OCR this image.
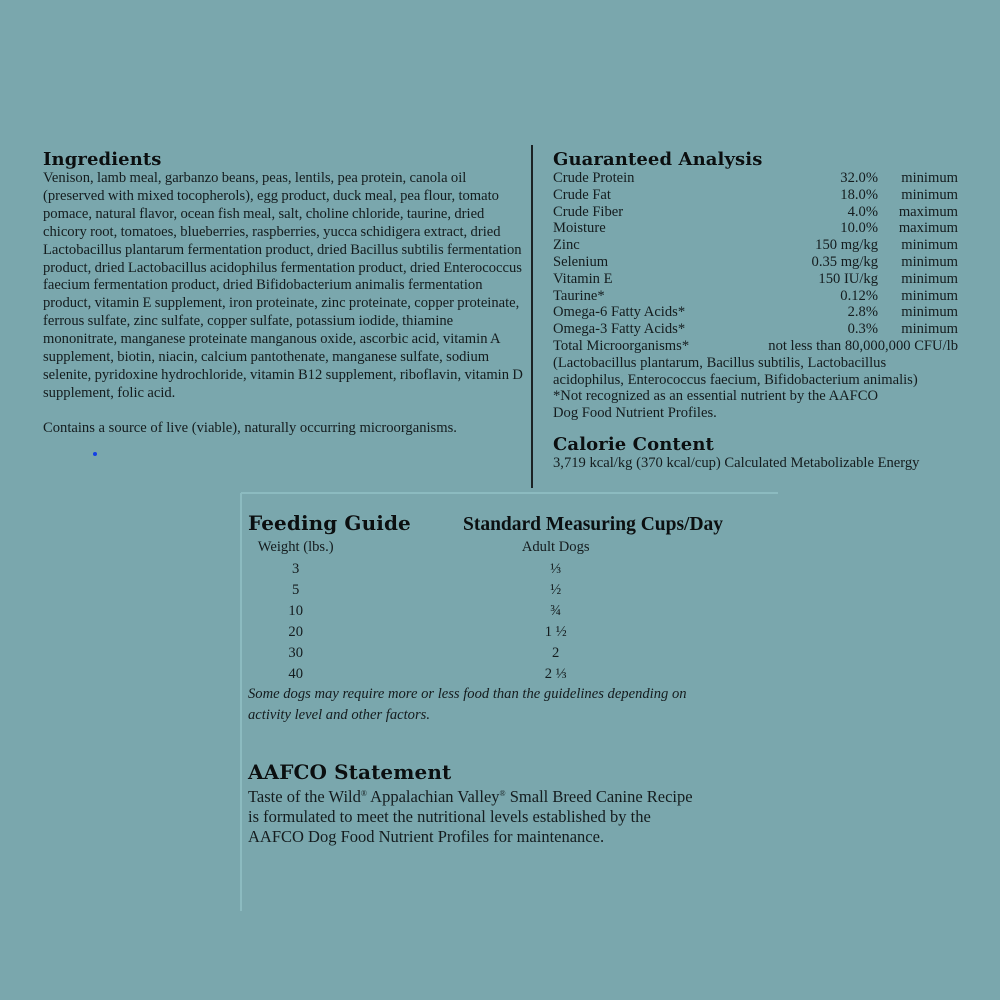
Ingredients
Venison, lamb meal, garbanzo beans, peas, lentils, pea protein, canola oil (preserved with mixed tocopherols), egg product, duck meal, pea flour, tomato pomace, natural flavor, ocean fish meal, salt, choline chloride, taurine, dried chicory root, tomatoes, blueberries, raspberries, yucca schidigera extract, dried Lactobacillus plantarum fermentation product, dried Bacillus subtilis fermentation product, dried Lactobacillus acidophilus fermentation product, dried Enterococcus faecium fermentation product, dried Bifidobacterium animalis fermentation product, vitamin E supplement, iron proteinate, zinc proteinate, copper proteinate, ferrous sulfate, zinc sulfate, copper sulfate, potassium iodide, thiamine mononitrate, manganese proteinate manganous oxide, ascorbic acid, vitamin A supplement, biotin, niacin, calcium pantothenate, manganese sulfate, sodium selenite, pyridoxine hydrochloride, vitamin B12 supplement, riboflavin, vitamin D supplement, folic acid.
Contains a source of live (viable), naturally occurring microorganisms.
Guaranteed Analysis
Crude Protein	32.0%	minimum
Crude Fat	18.0%	minimum
Crude Fiber	4.0%	maximum
Moisture	10.0%	maximum
Zinc	150 mg/kg	minimum
Selenium	0.35 mg/kg	minimum
Vitamin E	150 IU/kg	minimum
Taurine*	0.12%	minimum
Omega-6 Fatty Acids*	2.8%	minimum
Omega-3 Fatty Acids*	0.3%	minimum
Total Microorganisms*	not less than 80,000,000 CFU/lb
(Lactobacillus plantarum, Bacillus subtilis, Lactobacillus
acidophilus, Enterococcus faecium, Bifidobacterium animalis)
*Not recognized as an essential nutrient by the AAFCO
Dog Food Nutrient Profiles.
Calorie Content
3,719 kcal/kg (370 kcal/cup) Calculated Metabolizable Energy
Feeding Guide	Standard Measuring Cups/Day
Weight (lbs.)	Adult Dogs
3	⅓
5	½
10	¾
20	1 ½
30	2
40	2 ⅓
Some dogs may require more or less food than the guidelines depending on
activity level and other factors.
AAFCO Statement
Taste of the Wild® Appalachian Valley® Small Breed Canine Recipe
is formulated to meet the nutritional levels established by the
AAFCO Dog Food Nutrient Profiles for maintenance.
